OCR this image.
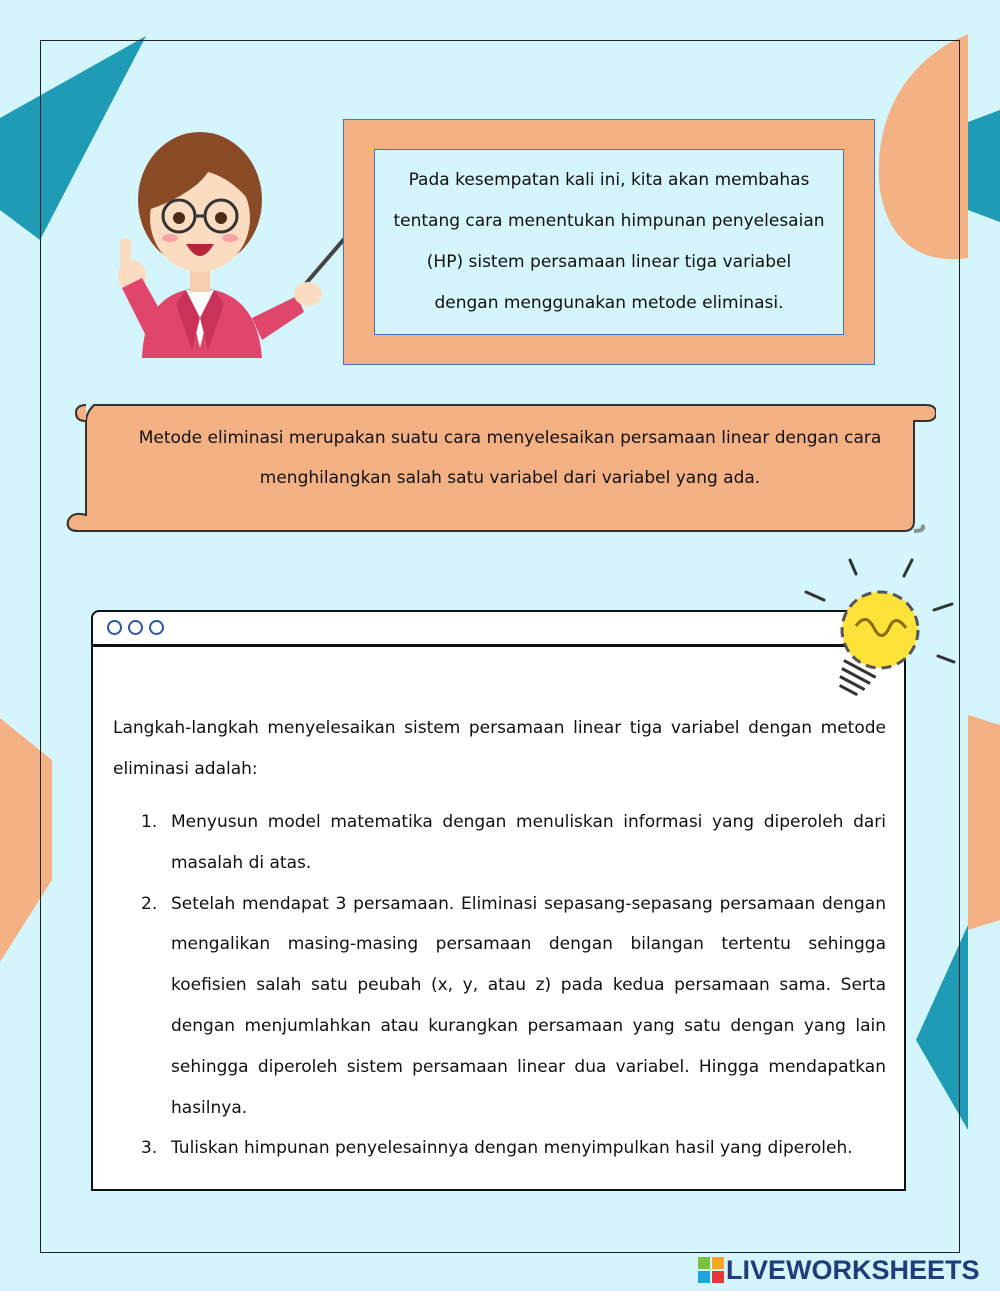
Pada kesempatan kali ini, kita akan membahas
tentang cara menentukan himpunan penyelesaian
(HP) sistem persamaan linear tiga variabel
dengan menggunakan metode eliminasi.
Metode eliminasi merupakan suatu cara menyelesaikan persamaan linear dengan cara
menghilangkan salah satu variabel dari variabel yang ada.

Langkah-langkah menyelesaikan sistem persamaan linear tiga variabel dengan metode eliminasi adalah:

1. Menyusun model matematika dengan menuliskan informasi yang diperoleh dari masalah di atas.
2. Setelah mendapat 3 persamaan. Eliminasi sepasang-sepasang persamaan dengan mengalikan masing-masing persamaan dengan bilangan tertentu sehingga koefisien salah satu peubah (x, y, atau z) pada kedua persamaan sama. Serta dengan menjumlahkan atau kurangkan persamaan yang satu dengan yang lain sehingga diperoleh sistem persamaan linear dua variabel. Hingga mendapatkan hasilnya.
3. Tuliskan himpunan penyelesainnya dengan menyimpulkan hasil yang diperoleh.
LIVEWORKSHEETS
